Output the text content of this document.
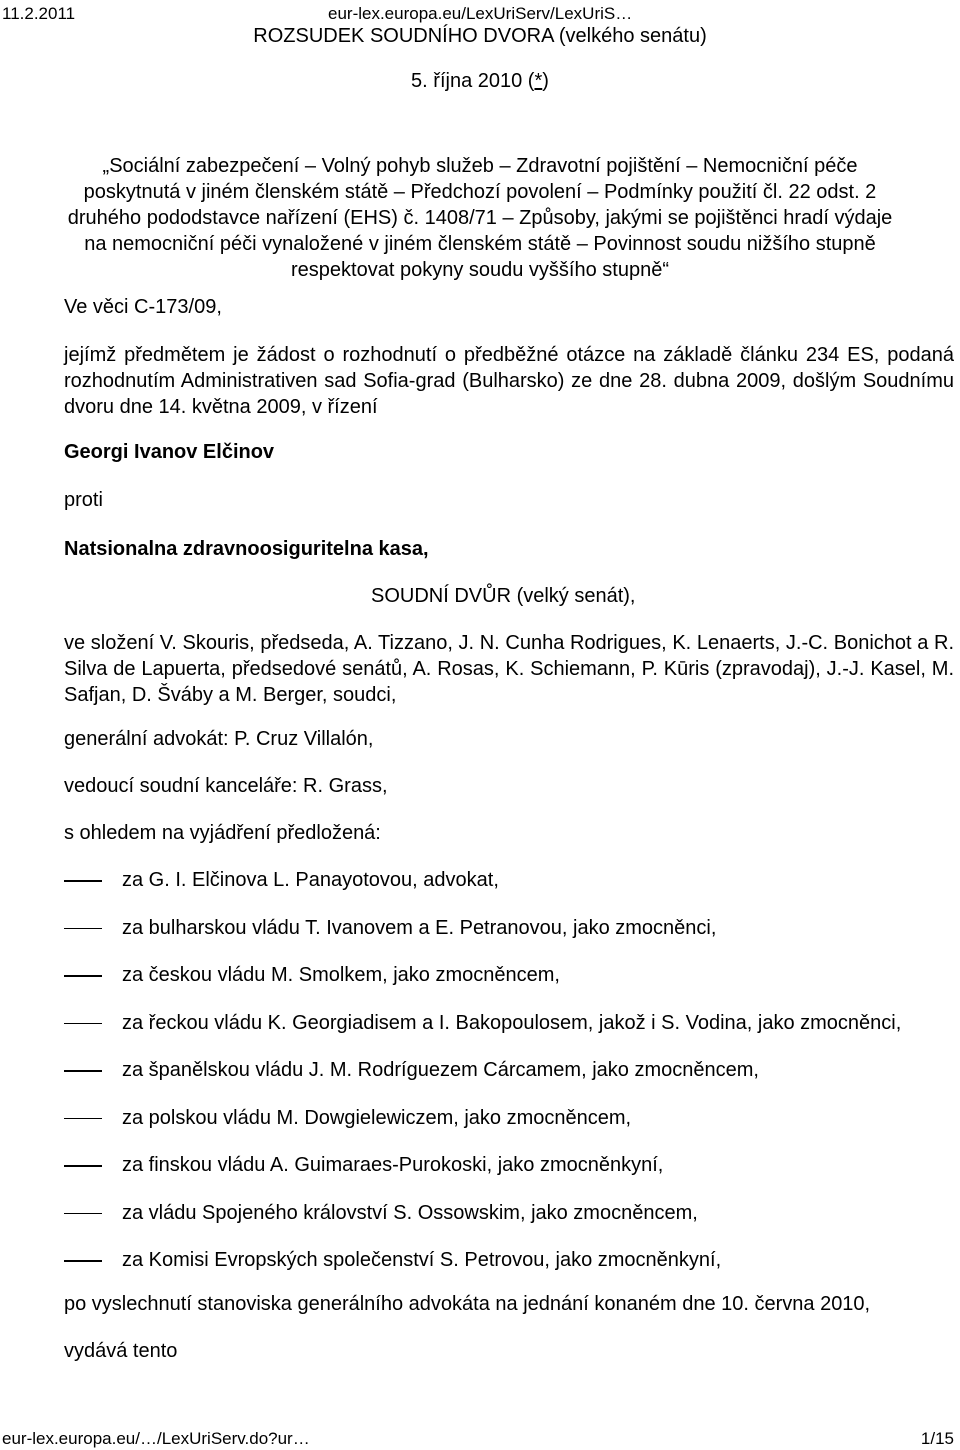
11.2.2011	eur-lex.europa.eu/LexUriServ/LexUriS…
ROZSUDEK SOUDNÍHO DVORA (velkého senátu)
5. října 2010 (*)
„Sociální zabezpečení – Volný pohyb služeb – Zdravotní pojištění – Nemocniční péče poskytnutá v jiném členském státě – Předchozí povolení – Podmínky použití čl. 22 odst. 2 druhého pododstavce nařízení (EHS) č. 1408/71 – Způsoby, jakými se pojištěnci hradí výdaje na nemocniční péči vynaložené v jiném členském státě – Povinnost soudu nižšího stupně respektovat pokyny soudu vyššího stupně“
Ve věci C-173/09,
jejímž předmětem je žádost o rozhodnutí o předběžné otázce na základě článku 234 ES, podaná rozhodnutím Administrativen sad Sofia-grad (Bulharsko) ze dne 28. dubna 2009, došlým Soudnímu dvoru dne 14. května 2009, v řízení
Georgi Ivanov Elčinov
proti
Natsionalna zdravnoosiguritelna kasa,
SOUDNÍ DVŮR (velký senát),
ve složení V. Skouris, předseda, A. Tizzano, J. N. Cunha Rodrigues, K. Lenaerts, J.-C. Bonichot a R. Silva de Lapuerta, předsedové senátů, A. Rosas, K. Schiemann, P. Kūris (zpravodaj), J.-J. Kasel, M. Safjan, D. Šváby a M. Berger, soudci,
generální advokát: P. Cruz Villalón,
vedoucí soudní kanceláře: R. Grass,
s ohledem na vyjádření předložená:
za G. I. Elčinova L. Panayotovou, advokat,
za bulharskou vládu T. Ivanovem a E. Petranovou, jako zmocněnci,
za českou vládu M. Smolkem, jako zmocněncem,
za řeckou vládu K. Georgiadisem a I. Bakopoulosem, jakož i S. Vodina, jako zmocněnci,
za španělskou vládu J. M. Rodríguezem Cárcamem, jako zmocněncem,
za polskou vládu M. Dowgielewiczem, jako zmocněncem,
za finskou vládu A. Guimaraes-Purokoski, jako zmocněnkyní,
za vládu Spojeného království S. Ossowskim, jako zmocněncem,
za Komisi Evropských společenství S. Petrovou, jako zmocněnkyní,
po vyslechnutí stanoviska generálního advokáta na jednání konaném dne 10. června 2010,
vydává tento
eur-lex.europa.eu/…/LexUriServ.do?ur…	1/15
